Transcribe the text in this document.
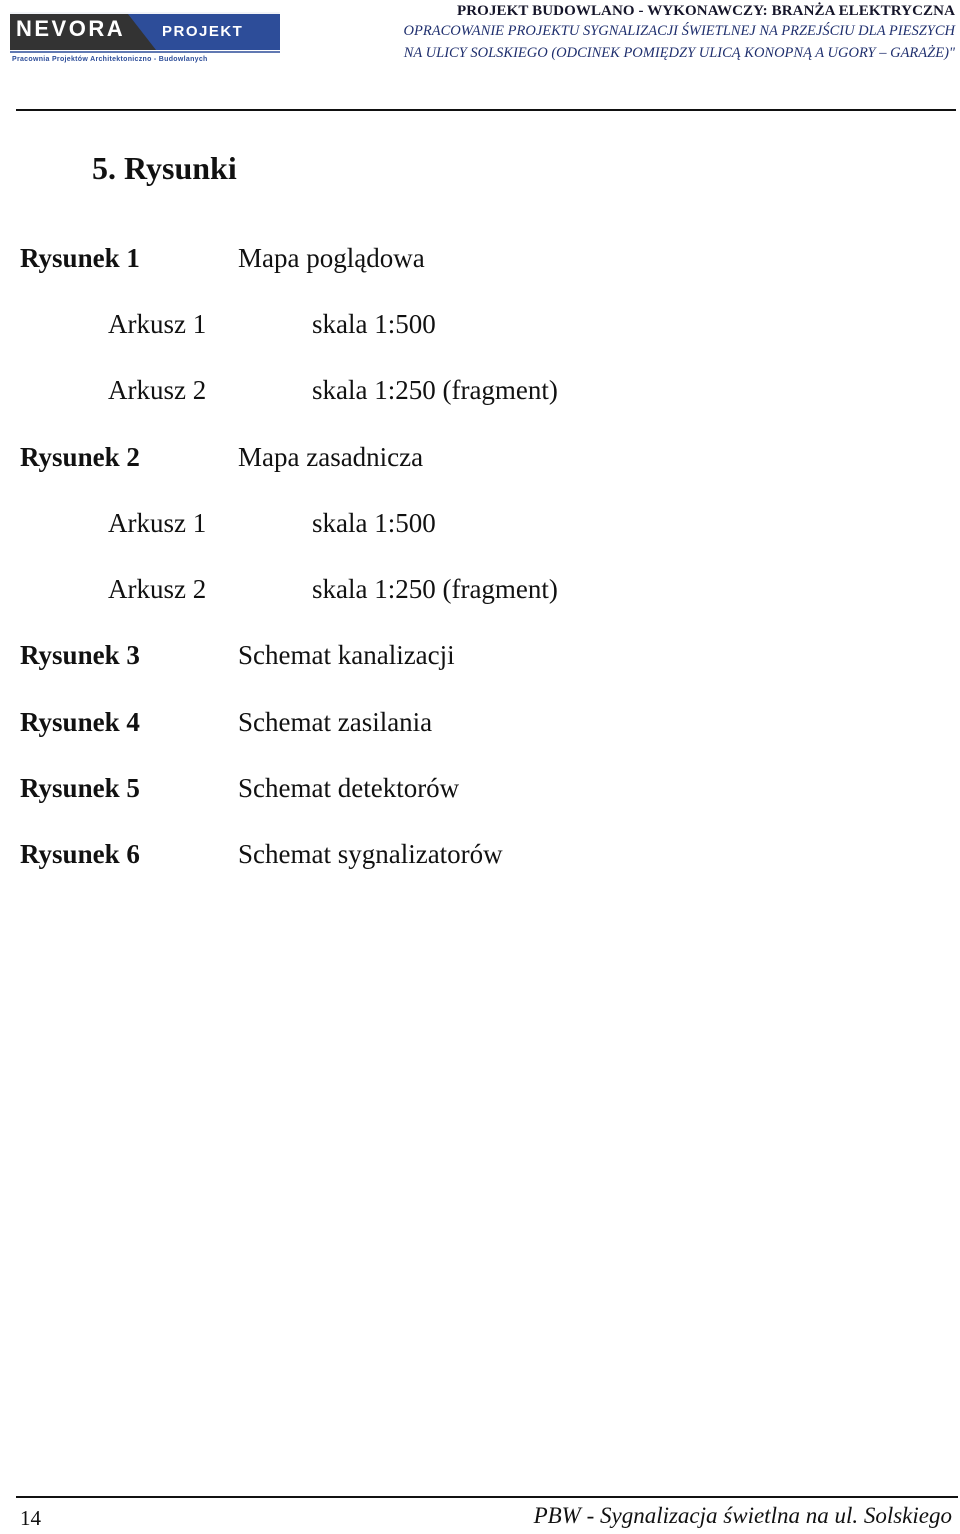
NEVORA PROJEKT
Pracownia Projektów Architektoniczno - Budowlanych
PROJEKT BUDOWLANO - WYKONAWCZY: BRANŻA ELEKTRYCZNA
OPRACOWANIE PROJEKTU SYGNALIZACJI ŚWIETLNEJ NA PRZEJŚCIU DLA PIESZYCH
NA ULICY SOLSKIEGO (ODCINEK POMIĘDZY ULICĄ KONOPNĄ A UGORY – GARAŻE)"
5. Rysunki
Rysunek 1	Mapa poglądowa
Arkusz 1	skala 1:500
Arkusz 2	skala 1:250 (fragment)
Rysunek 2	Mapa zasadnicza
Arkusz 1	skala 1:500
Arkusz 2	skala 1:250 (fragment)
Rysunek 3	Schemat kanalizacji
Rysunek 4	Schemat zasilania
Rysunek 5	Schemat detektorów
Rysunek 6	Schemat sygnalizatorów
14	PBW - Sygnalizacja świetlna na ul. Solskiego
